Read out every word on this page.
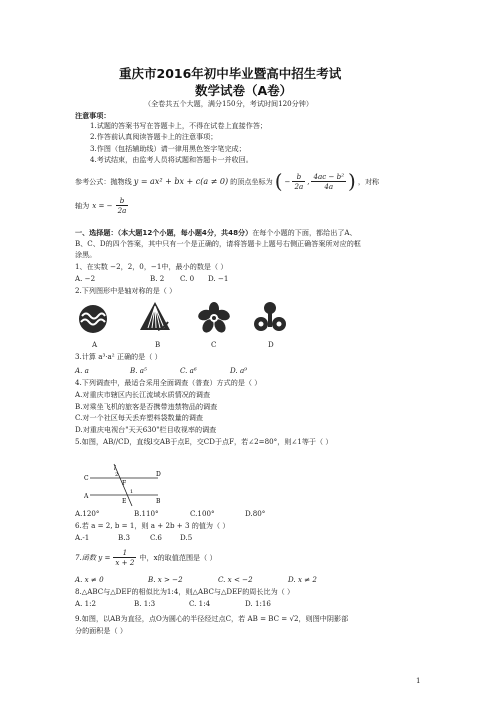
重庆市2016年初中毕业暨高中招生考试
数学试卷（A卷）
（全卷共五个大题，满分150分，考试时间120分钟）
注意事项：
1.试题的答案书写在答题卡上，不得在试卷上直接作答；
2.作答前认真阅读答题卡上的注意事项；
3.作图（包括辅助线）请一律用黑色签字笔完成；
4.考试结束，由监考人员将试题和答题卡一并收回。
参考公式：抛物线 y = ax² + bx + c(a ≠ 0) 的顶点坐标为 ( − $\frac{b}{2a}$ , $\frac{\text{4ac − b²}}{4a}$ ) ，对称
轴为 x = − $\frac{b}{2a}$
一、选择题：（本大题12个小题，每小题4分，共48分）在每个小题的下面，都给出了A、
B、C、D的四个答案，其中只有一个是正确的，请将答题卡上题号右侧正确答案所对应的框
涂黑。
1、在实数 −2，2，0，−1中，最小的数是（ ）
A. −2	B. 2 C. 0 D. −1
2.下列图形中是轴对称的是（ ）
A	B	C	D
3.计算 a³·a² 正确的是（ ）
A. a	B. a⁵	C. a⁶	D. a⁹
4.下列调查中，最适合采用全面调查（普查）方式的是（ ）
A.对重庆市辖区内长江流域水质情况的调查
B.对乘坐飞机的旅客是否携带违禁物品的调查
C.对一个社区每天丢弃塑料袋数量的调查
D.对重庆电视台"天天630"栏目收视率的调查
5.如图，AB//CD，直线l交AB于点E，交CD于点F，若∠2=80°，则∠1等于（ ）
l
C
D
A
E	B
1
2
F
A.120°	B.110°	C.100°	D.80°
6.若 a = 2, b = 1，则 a + 2b + 3 的值为（ ）
A.-1	B.3	C.6	D.5
7.函数 $y = \frac{1}{x + 2}$ 中，x的取值范围是（ ）
A. x ≠ 0	B. x > −2	C. x < −2	D. x ≠ 2
8.△ABC与△DEF的相似比为1:4，则△ABC与△DEF的周长比为（ ）
A. 1:2	B. 1:3	C. 1:4	D. 1:16
9.如图，以AB为直径，点O为圆心的半径经过点C，若 AB = BC = √2，则图中阴影部
分的面积是（ ）
1
